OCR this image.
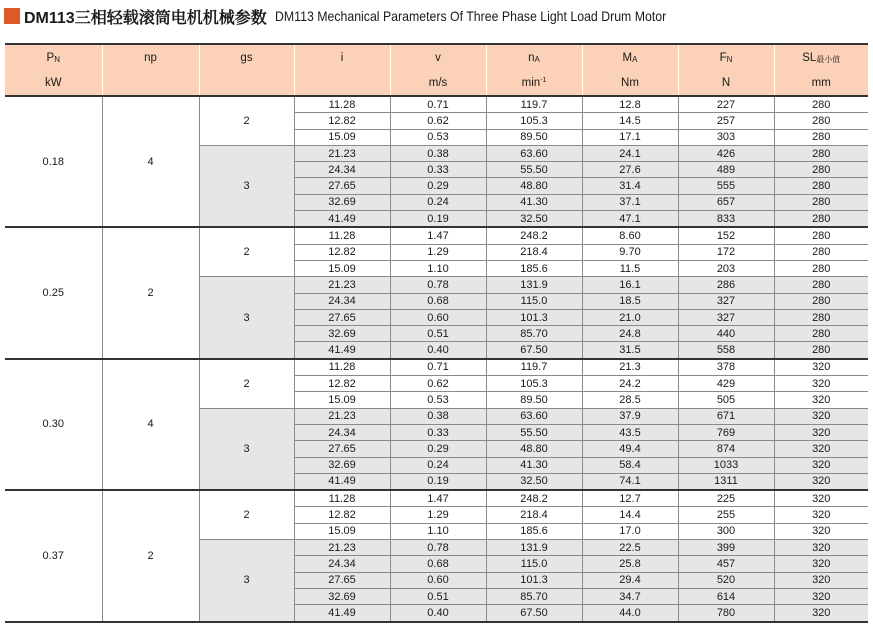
DM113三相轻载滚筒电机机械参数 DM113 Mechanical Parameters Of Three Phase Light Load Drum Motor
PN	np	gs	i	v	nA	MA	FN	SL最小值
kW				m/s	$\min^{-1}$	Nm	N	mm
0.18	4	2	11.28	0.71	119.7	12.8	227	280
			12.82	0.62	105.3	14.5	257	280
			15.09	0.53	89.50	17.1	303	280
		3	21.23	0.38	63.60	24.1	426	280
			24.34	0.33	55.50	27.6	489	280
			27.65	0.29	48.80	31.4	555	280
			32.69	0.24	41.30	37.1	657	280
			41.49	0.19	32.50	47.1	833	280
0.25	2	2	11.28	1.47	248.2	8.60	152	280
			12.82	1.29	218.4	9.70	172	280
			15.09	1.10	185.6	11.5	203	280
		3	21.23	0.78	131.9	16.1	286	280
			24.34	0.68	115.0	18.5	327	280
			27.65	0.60	101.3	21.0	327	280
			32.69	0.51	85.70	24.8	440	280
			41.49	0.40	67.50	31.5	558	280
0.30	4	2	11.28	0.71	119.7	21.3	378	320
			12.82	0.62	105.3	24.2	429	320
			15.09	0.53	89.50	28.5	505	320
		3	21.23	0.38	63.60	37.9	671	320
			24.34	0.33	55.50	43.5	769	320
			27.65	0.29	48.80	49.4	874	320
			32.69	0.24	41.30	58.4	1033	320
			41.49	0.19	32.50	74.1	1311	320
0.37	2	2	11.28	1.47	248.2	12.7	225	320
			12.82	1.29	218.4	14.4	255	320
			15.09	1.10	185.6	17.0	300	320
		3	21.23	0.78	131.9	22.5	399	320
			24.34	0.68	115.0	25.8	457	320
			27.65	0.60	101.3	29.4	520	320
			32.69	0.51	85.70	34.7	614	320
			41.49	0.40	67.50	44.0	780	320
